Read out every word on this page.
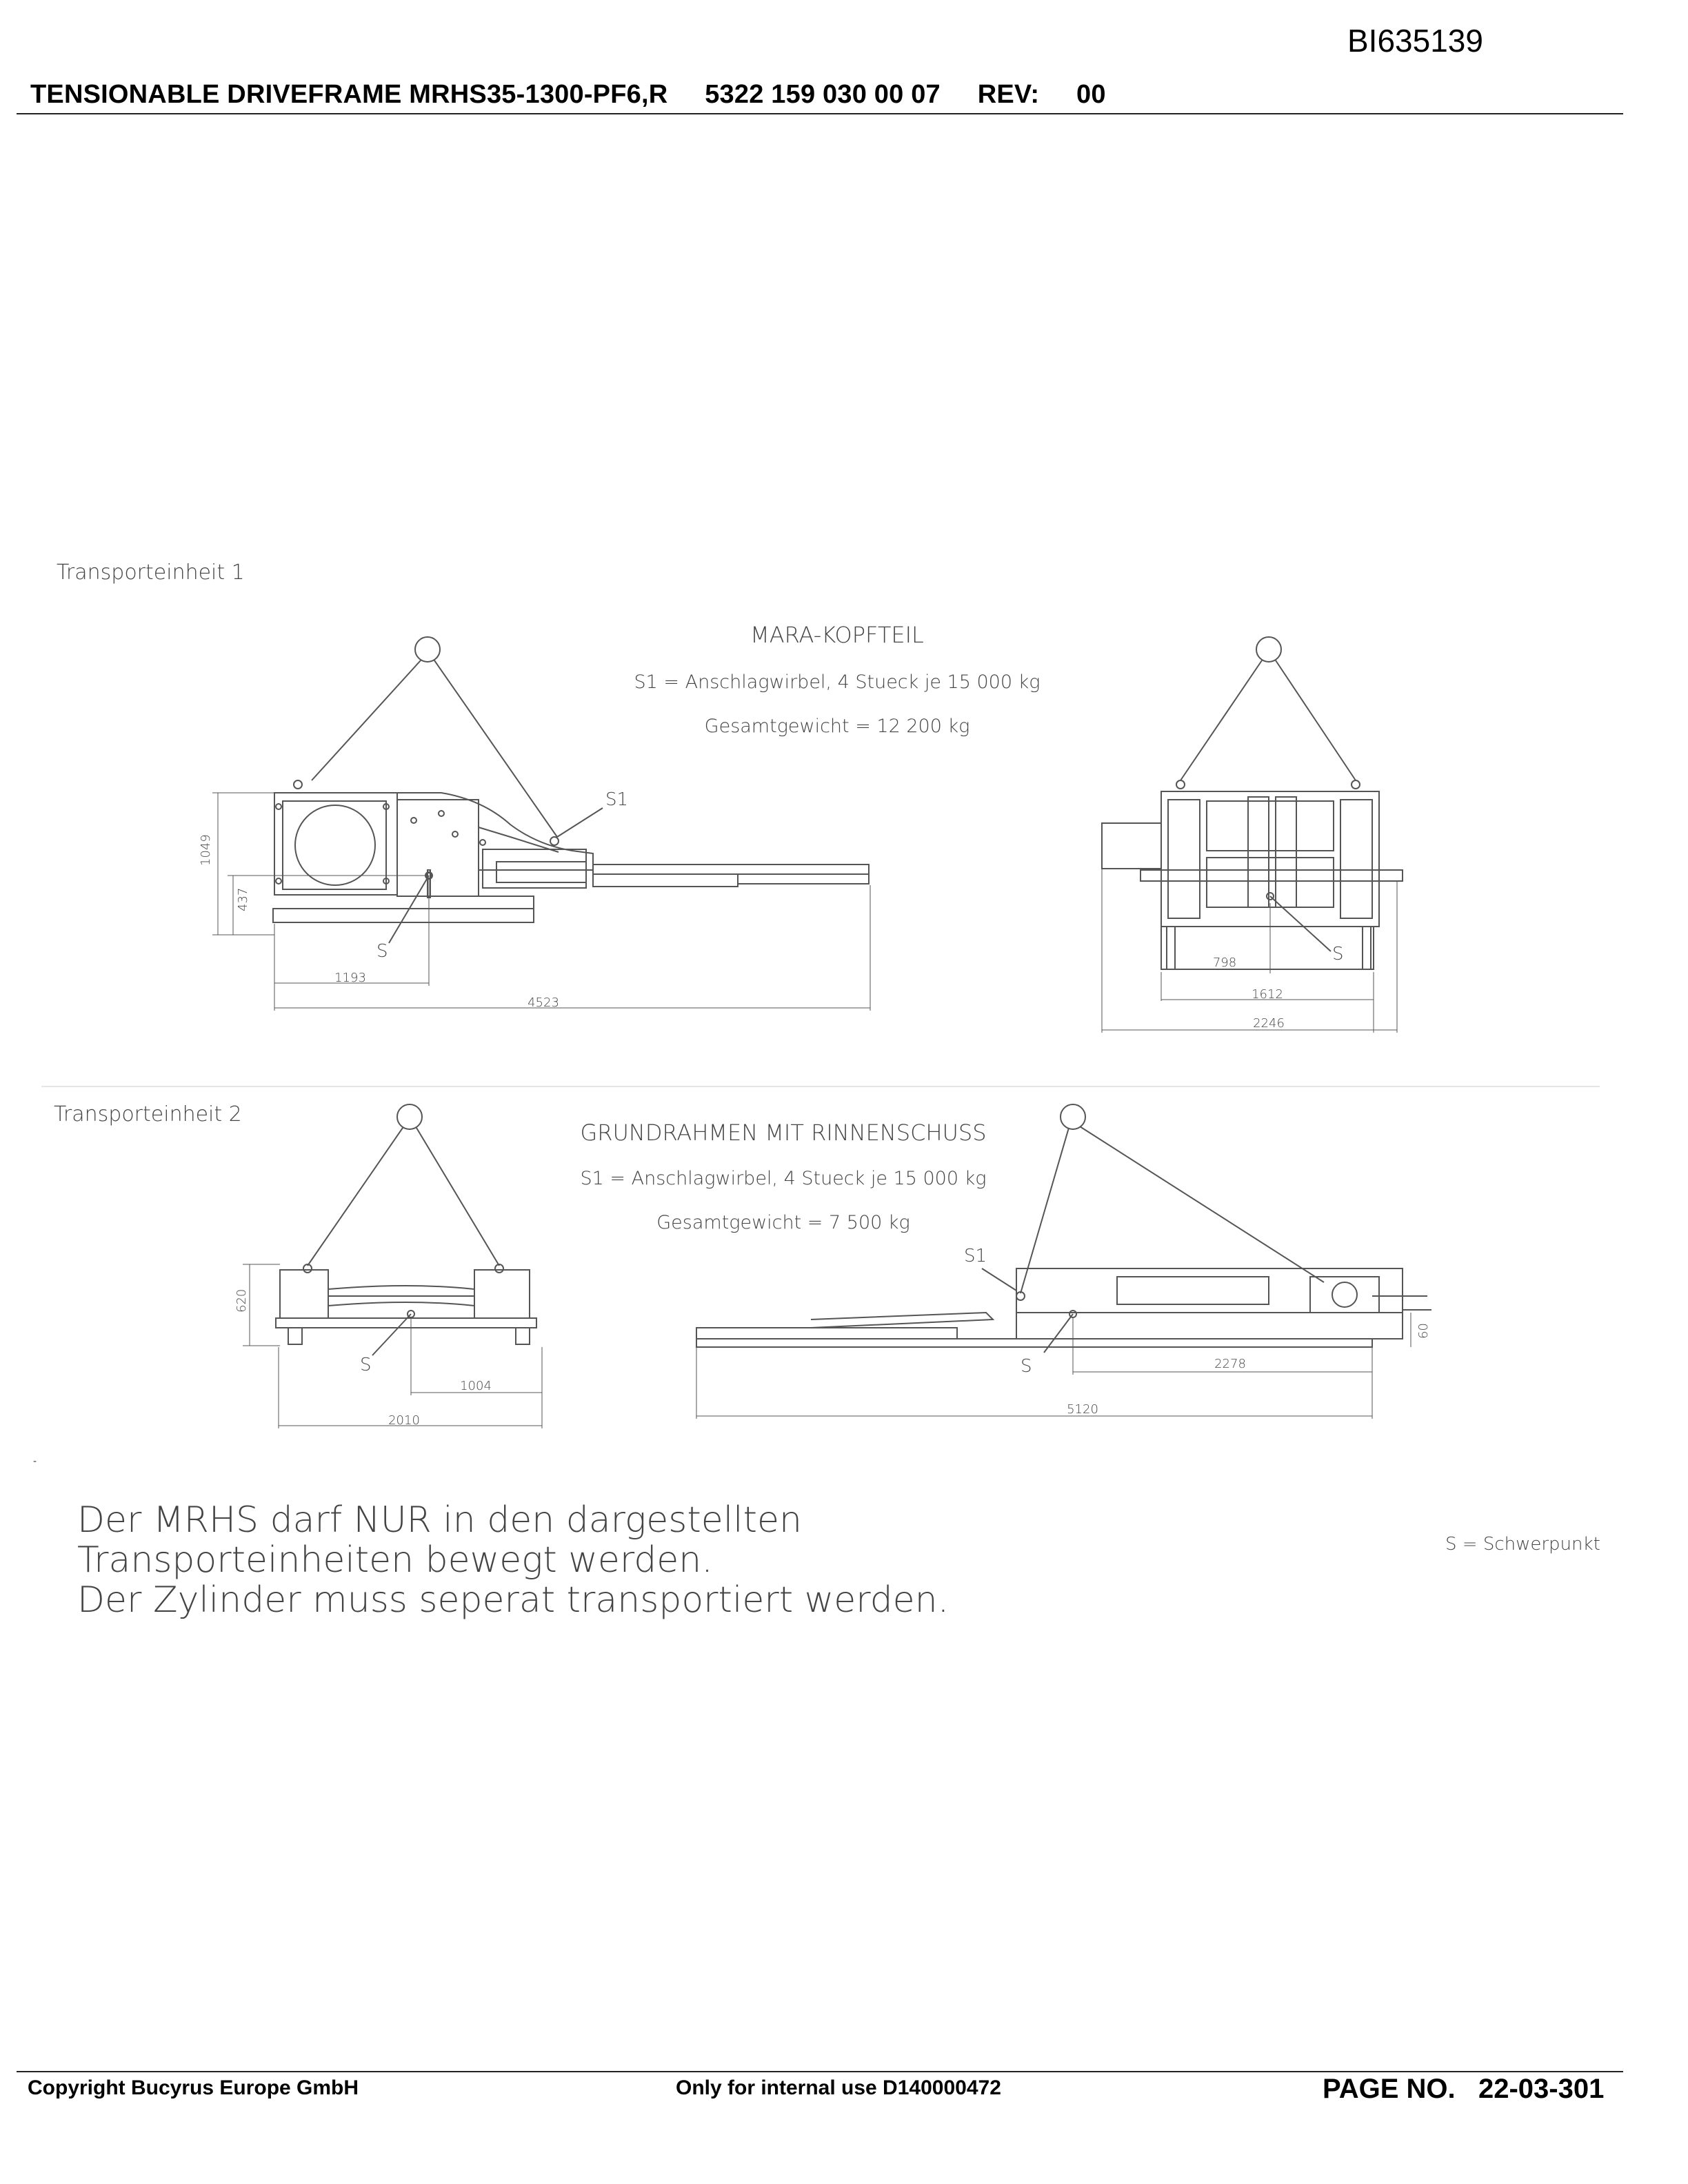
BI635139
TENSIONABLE DRIVEFRAME MRHS35-1300-PF6,R 5322 159 030 00 07 REV: 00
-
Transporteinheit 1
MARA-KOPFTEIL
S1 = Anschlagwirbel, 4 Stueck je 15 000 kg
Gesamtgewicht = 12 200 kg
S1
S	S
1049
437
1193
4523
798
1612
2246
Transporteinheit 2
GRUNDRAHMEN MIT RINNENSCHUSS
S1 = Anschlagwirbel, 4 Stueck je 15 000 kg
Gesamtgewicht = 7 500 kg
S1
S	S
620
1004
2010
2278
5120
60
Der MRHS darf NUR in den dargestellten
Transporteinheiten bewegt werden.
Der Zylinder muss seperat transportiert werden.
S = Schwerpunkt
Copyright Bucyrus Europe GmbH	Only for internal use D140000472	PAGE NO. 22-03-301
